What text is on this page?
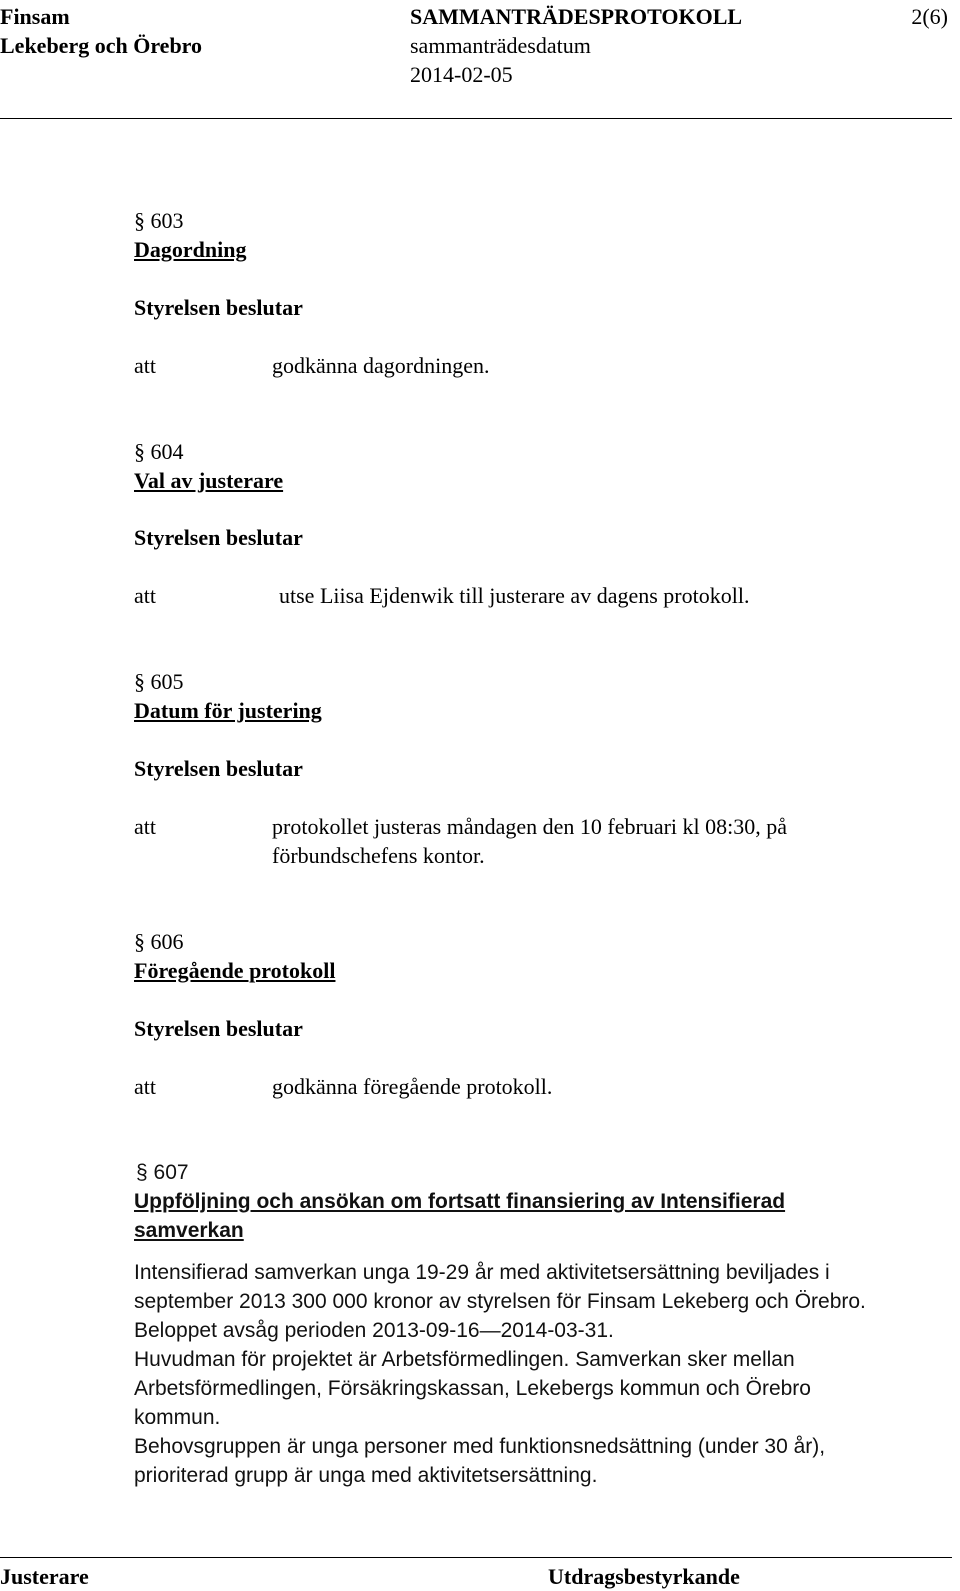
Finsam
Lekeberg och Örebro
SAMMANTRÄDESPROTOKOLL
sammanträdesdatum
2014-02-05
2(6)
§ 603
Dagordning
Styrelsen beslutar
att	godkänna dagordningen.
§ 604
Val av justerare
Styrelsen beslutar
att	utse Liisa Ejdenwik till justerare av dagens protokoll.
§ 605
Datum för justering
Styrelsen beslutar
att	protokollet justeras måndagen den 10 februari kl 08:30, på
förbundschefens kontor.
§ 606
Föregående protokoll
Styrelsen beslutar
att	godkänna föregående protokoll.
§ 607
Uppföljning och ansökan om fortsatt finansiering av Intensifierad
samverkan
Intensifierad samverkan unga 19-29 år med aktivitetsersättning beviljades i
september 2013 300 000 kronor av styrelsen för Finsam Lekeberg och Örebro.
Beloppet avsåg perioden 2013-09-16—2014-03-31.
Huvudman för projektet är Arbetsförmedlingen. Samverkan sker mellan
Arbetsförmedlingen, Försäkringskassan, Lekebergs kommun och Örebro
kommun.
Behovsgruppen är unga personer med funktionsnedsättning (under 30 år),
prioriterad grupp är unga med aktivitetsersättning.
Justerare	Utdragsbestyrkande
